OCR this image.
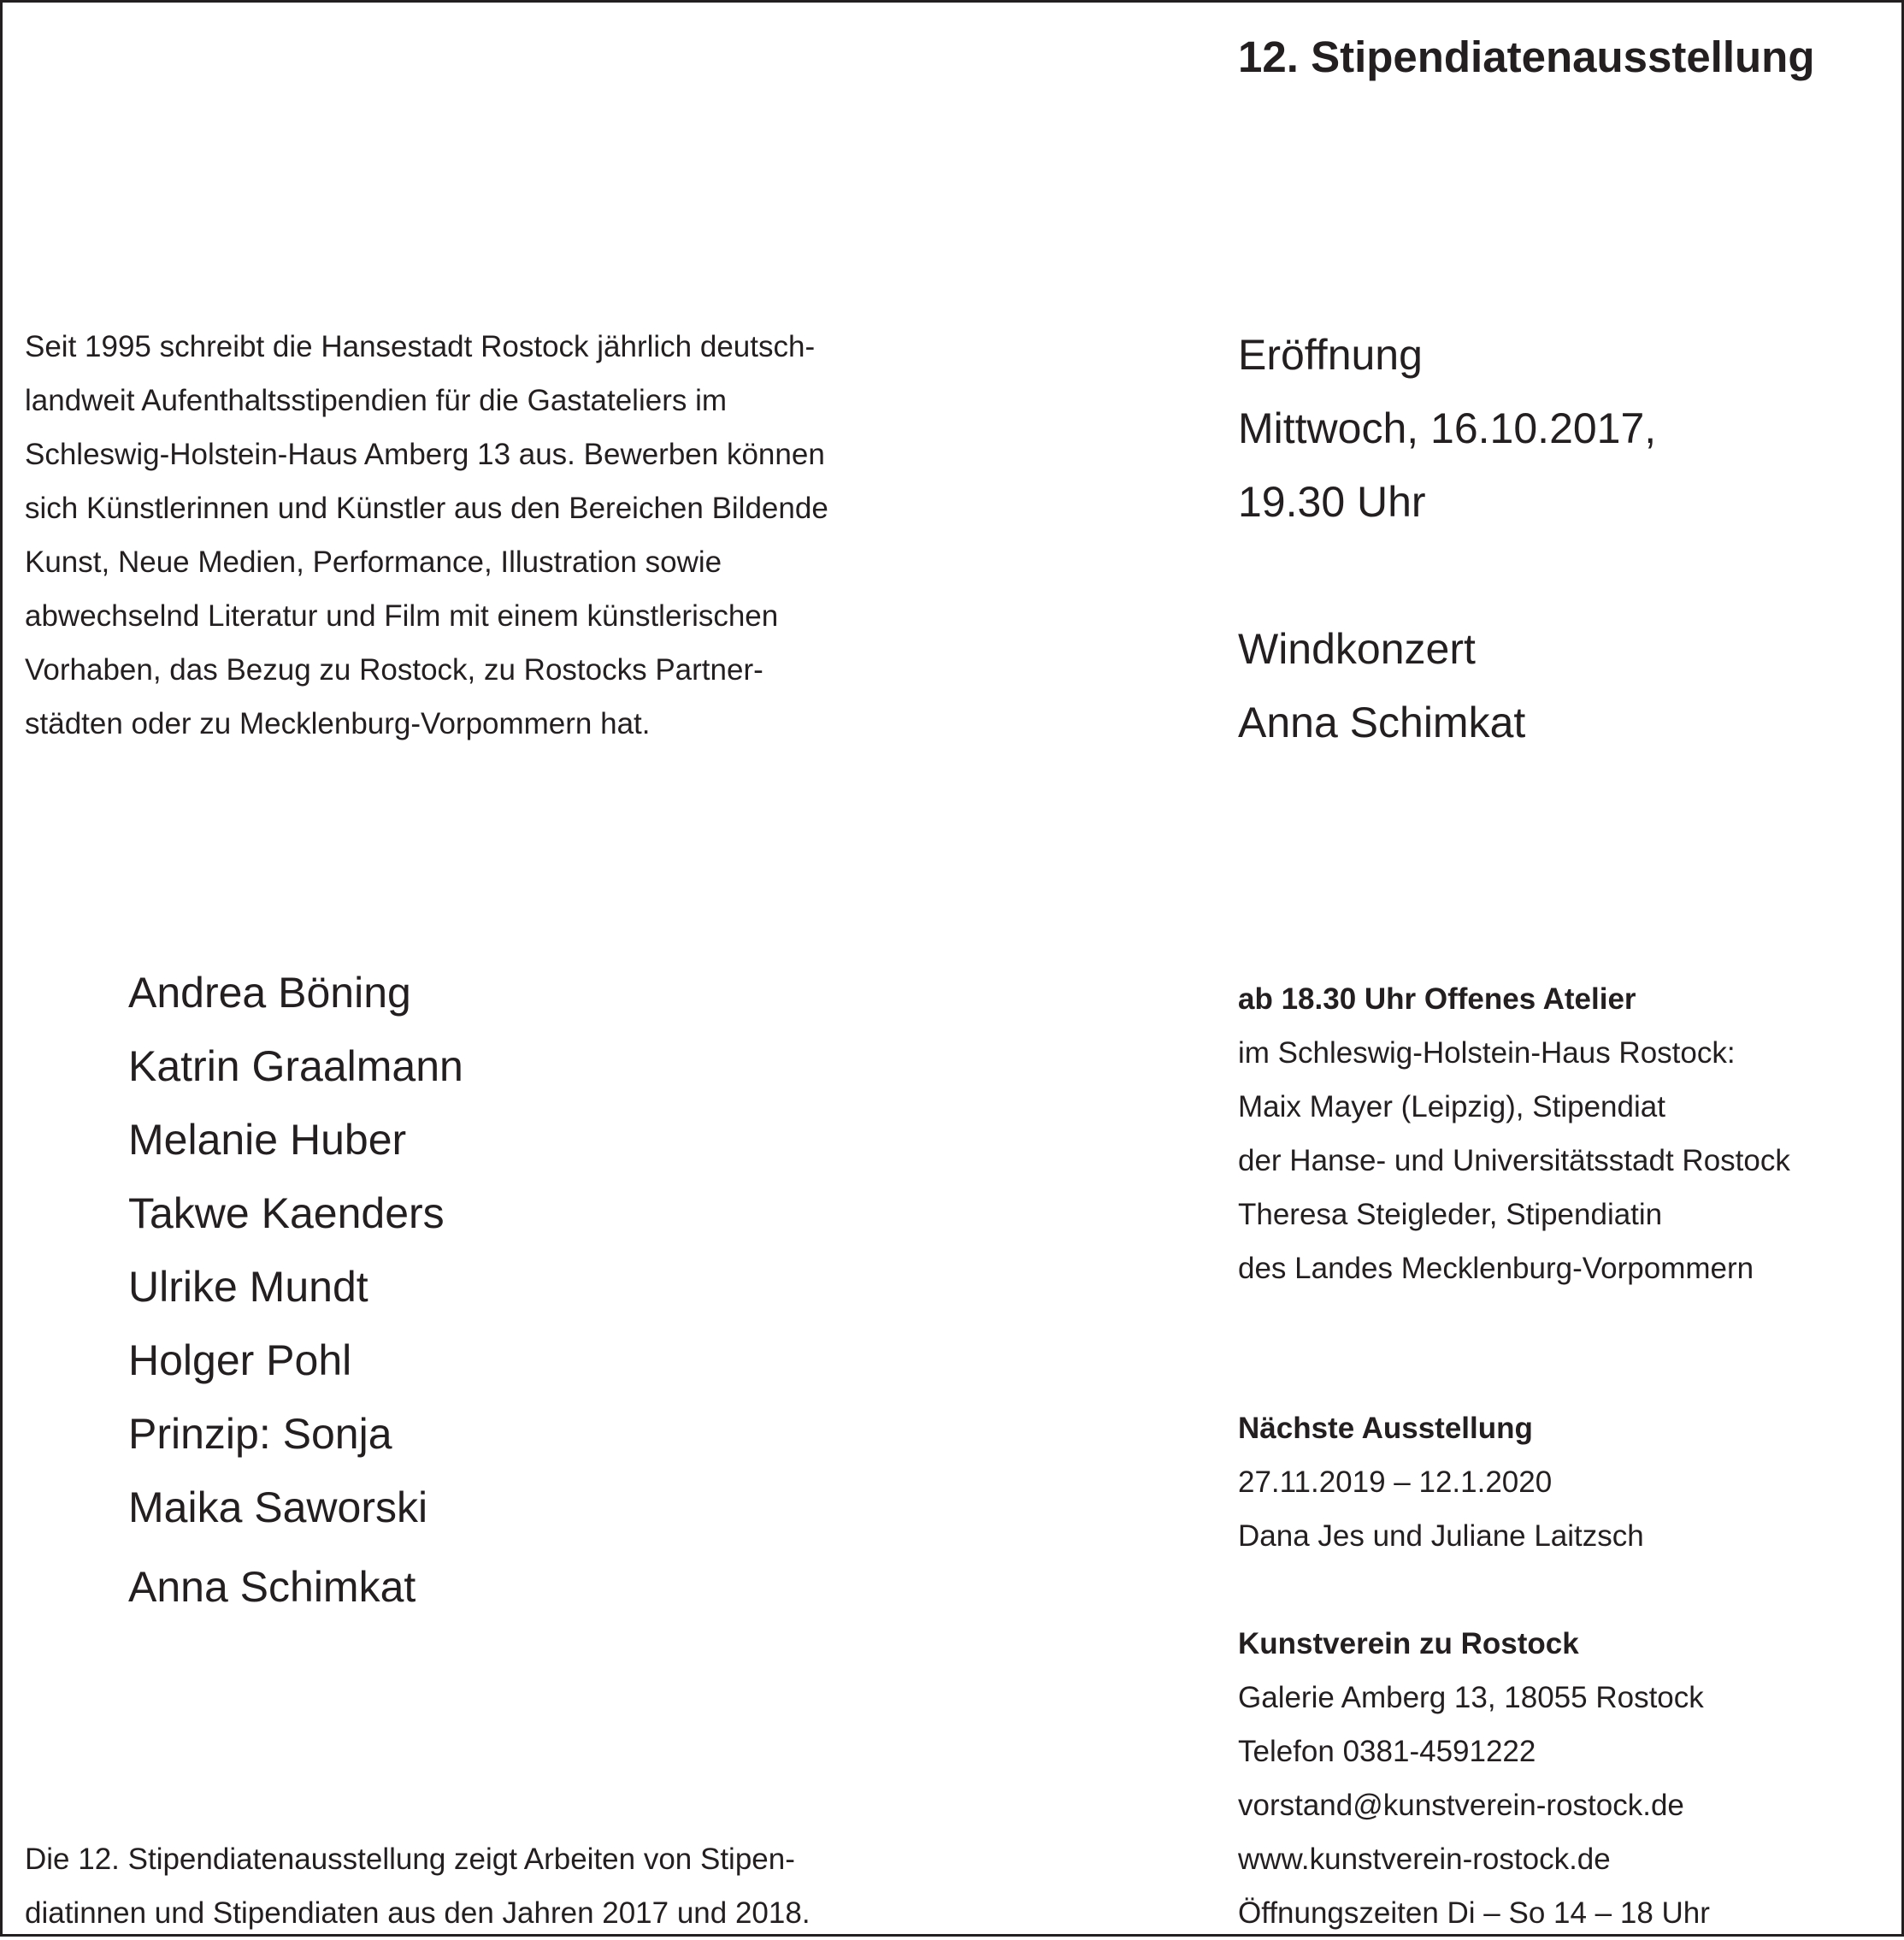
12. Stipendiatenausstellung

Seit 1995 schreibt die Hansestadt Rostock jährlich deutsch-

landweit Aufenthaltsstipendien für die Gastateliers im

Schleswig-Holstein-Haus Amberg 13 aus. Bewerben können

sich Künstlerinnen und Künstler aus den Bereichen Bildende

Kunst, Neue Medien, Performance, Illustration sowie

abwechselnd Literatur und Film mit einem künstlerischen

Vorhaben, das Bezug zu Rostock, zu Rostocks Partner-

städten oder zu Mecklenburg-Vorpommern hat.

Eröffnung
Mittwoch, 16.10.2017,
19.30 Uhr
Windkonzert
Anna Schimkat
Andrea Böning
Katrin Graalmann
Melanie Huber
Takwe Kaenders
Ulrike Mundt
Holger Pohl
Prinzip: Sonja
Maika Saworski
Anna Schimkat
ab 18.30 Uhr Offenes Atelier
im Schleswig-Holstein-Haus Rostock:
Maix Mayer (Leipzig), Stipendiat
der Hanse- und Universitätsstadt Rostock
Theresa Steigleder, Stipendiatin
des Landes Mecklenburg-Vorpommern
Nächste Ausstellung
27.11.2019 – 12.1.2020
Dana Jes und Juliane Laitzsch
Kunstverein zu Rostock
Galerie Amberg 13, 18055 Rostock
Telefon 0381-4591222
vorstand@kunstverein-rostock.de
www.kunstverein-rostock.de
Öffnungszeiten Di – So 14 – 18 Uhr

Die 12. Stipendiatenausstellung zeigt Arbeiten von Stipen-

diatinnen und Stipendiaten aus den Jahren 2017 und 2018.
